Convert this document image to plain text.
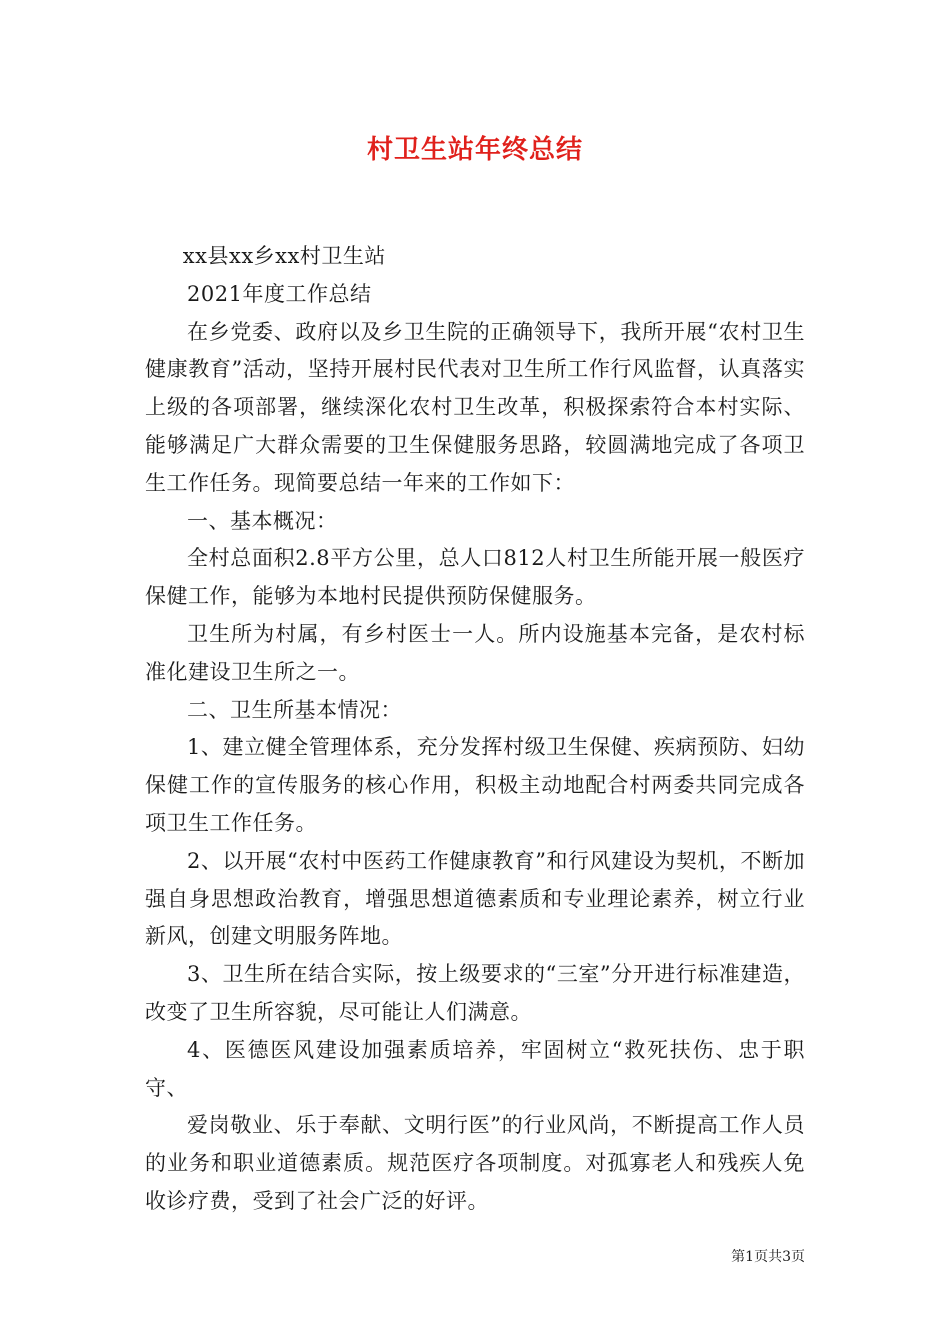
村卫生站年终总结

xx县xx乡xx村卫生站

2021年度工作总结

在乡党委、政府以及乡卫生院的正确领导下，我所开展“农村卫生健康教育”活动，坚持开展村民代表对卫生所工作行风监督，认真落实上级的各项部署，继续深化农村卫生改革，积极探索符合本村实际、能够满足广大群众需要的卫生保健服务思路，较圆满地完成了各项卫生工作任务。现简要总结一年来的工作如下：

一、基本概况：

全村总面积2.8平方公里，总人口812人村卫生所能开展一般医疗保健工作，能够为本地村民提供预防保健服务。

卫生所为村属，有乡村医士一人。所内设施基本完备，是农村标准化建设卫生所之一。

二、卫生所基本情况：

1、建立健全管理体系，充分发挥村级卫生保健、疾病预防、妇幼保健工作的宣传服务的核心作用，积极主动地配合村两委共同完成各项卫生工作任务。

2、以开展“农村中医药工作健康教育”和行风建设为契机，不断加强自身思想政治教育，增强思想道德素质和专业理论素养，树立行业新风，创建文明服务阵地。

3、卫生所在结合实际，按上级要求的“三室”分开进行标准建造，改变了卫生所容貌，尽可能让人们满意。

4、医德医风建设加强素质培养，牢固树立“救死扶伤、忠于职守、

爱岗敬业、乐于奉献、文明行医”的行业风尚，不断提高工作人员的业务和职业道德素质。规范医疗各项制度。对孤寡老人和残疾人免收诊疗费，受到了社会广泛的好评。

第1页共3页
